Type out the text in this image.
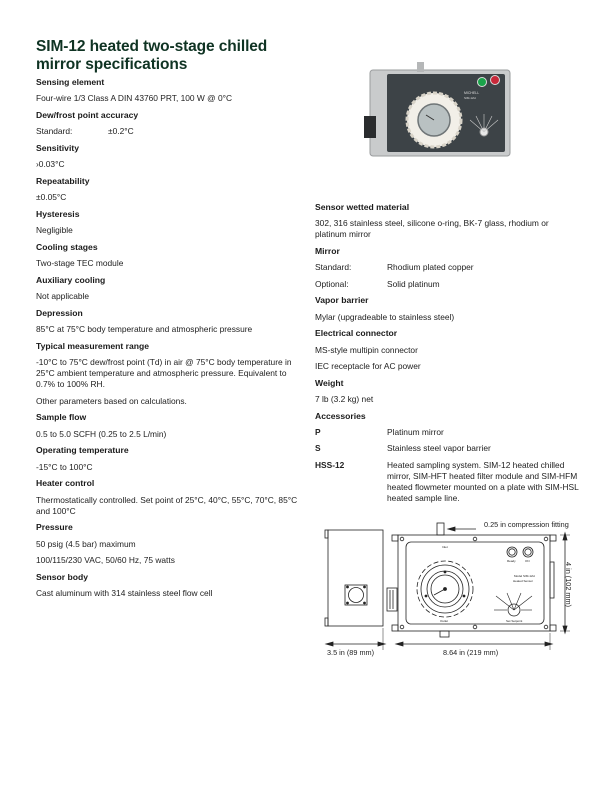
SIM-12 heated two-stage chilled mirror specifications
MICHELL
SIM-12H
Sensing element
Four-wire 1/3 Class A DIN 43760 PRT, 100 W @ 0°C
Dew/frost point accuracy
Standard:	±0.2°C
Sensitivity
›0.03°C
Repeatability
±0.05°C
Hysteresis
Negligible
Cooling stages
Two-stage TEC module
Auxiliary cooling
Not applicable
Depression
85°C at 75°C body temperature and atmospheric pressure
Typical measurement range
-10°C to 75°C dew/frost point (Td) in air @ 75°C body temperature in 25°C ambient temperature and atmospheric pressure. Equivalent to 0.7% to 100% RH.
Other parameters based on calculations.
Sample flow
0.5 to 5.0 SCFH (0.25 to 2.5 L/min)
Operating temperature
-15°C to 100°C
Heater control
Thermostatically controlled. Set point of 25°C, 40°C, 55°C, 70°C, 85°C and 100°C
Pressure
50 psig (4.5 bar) maximum
100/115/230 VAC, 50/60 Hz, 75 watts
Sensor body
Cast aluminum with 314 stainless steel flow cell
Sensor wetted material
302, 316 stainless steel, silicone o-ring, BK-7 glass, rhodium or platinum mirror
Mirror
Standard:	Rhodium plated copper
Optional:	Solid platinum
Vapor barrier
Mylar (upgradeable to stainless steel)
Electrical connector
MS-style multipin connector
IEC receptacle for AC power
Weight
7 lb (3.2 kg) net
Accessories
P	Platinum mirror
S	Stainless steel vapor barrier
HSS-12	Heated sampling system. SIM-12 heated chilled mirror, SIM-HFT heated filter module and SIM-HFM heated flowmeter mounted on a plate with SIM-HSL heated sample line.
Inlet
Outlet
Ready	ON
Model SIM-12H
Heated Sensor
Set Setpoint
0.25 in compression fitting
4 in (102 mm)
3.5 in (89 mm)	8.64 in (219 mm)
